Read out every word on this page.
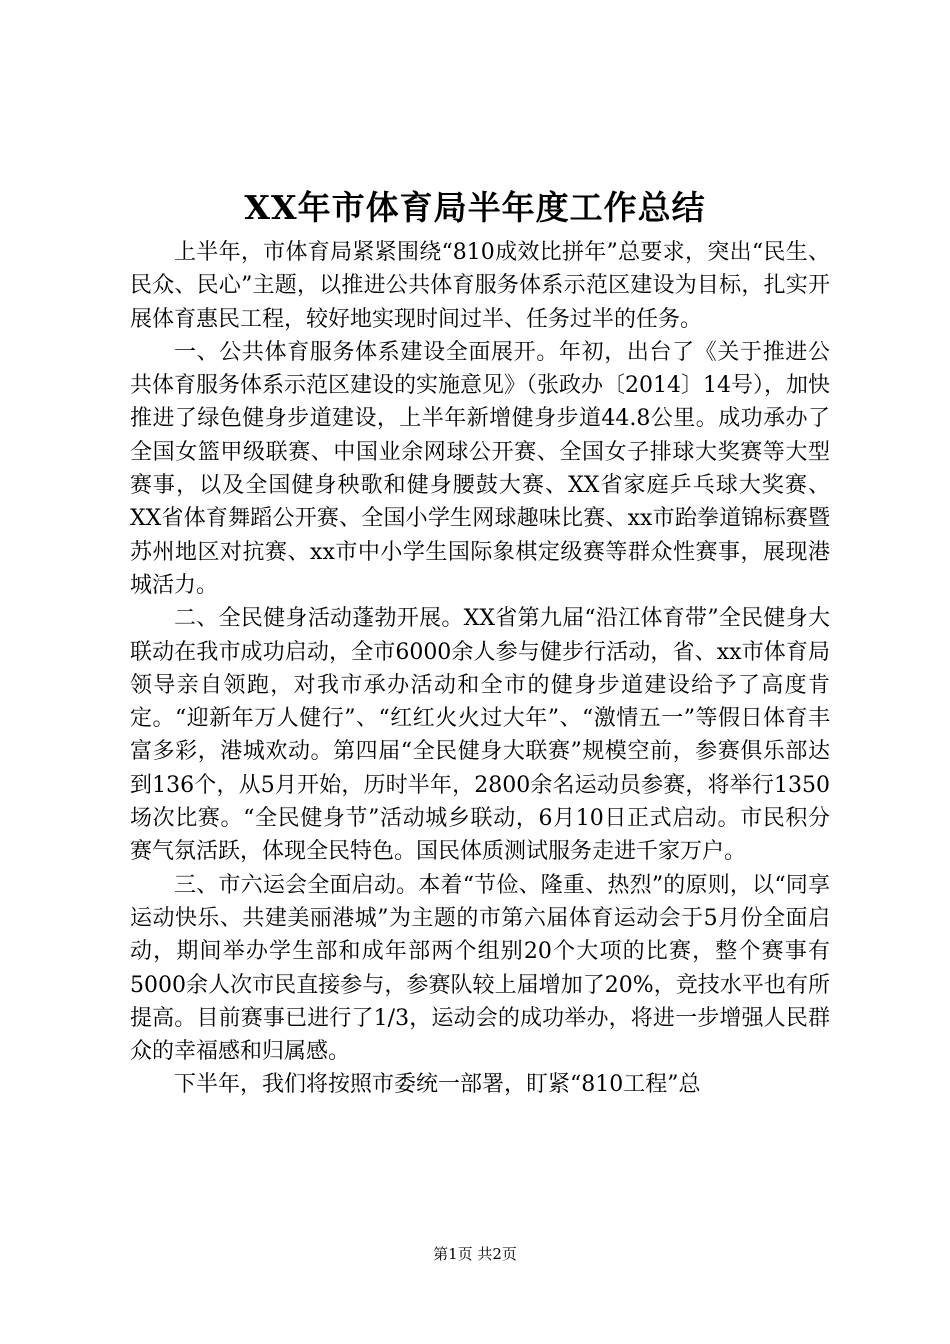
XX年市体育局半年度工作总结

上半年，市体育局紧紧围绕“810成效比拼年”总要求，突出“民生、民众、民心”主题，以推进公共体育服务体系示范区建设为目标，扎实开展体育惠民工程，较好地实现时间过半、任务过半的任务。

一、公共体育服务体系建设全面展开。年初，出台了《关于推进公共体育服务体系示范区建设的实施意见》（张政办〔2014〕14号），加快推进了绿色健身步道建设，上半年新增健身步道44.8公里。成功承办了全国女篮甲级联赛、中国业余网球公开赛、全国女子排球大奖赛等大型赛事，以及全国健身秧歌和健身腰鼓大赛、XX省家庭乒乓球大奖赛、XX省体育舞蹈公开赛、全国小学生网球趣味比赛、xx市跆拳道锦标赛暨苏州地区对抗赛、xx市中小学生国际象棋定级赛等群众性赛事，展现港城活力。

二、全民健身活动蓬勃开展。XX省第九届“沿江体育带”全民健身大联动在我市成功启动，全市6000余人参与健步行活动，省、xx市体育局领导亲自领跑，对我市承办活动和全市的健身步道建设给予了高度肯定。“迎新年万人健行”、“红红火火过大年”、“激情五一”等假日体育丰富多彩，港城欢动。第四届“全民健身大联赛”规模空前，参赛俱乐部达到136个，从5月开始，历时半年，2800余名运动员参赛，将举行1350场次比赛。“全民健身节”活动城乡联动，6月10日正式启动。市民积分赛气氛活跃，体现全民特色。国民体质测试服务走进千家万户。

三、市六运会全面启动。本着“节俭、隆重、热烈”的原则，以“同享运动快乐、共建美丽港城”为主题的市第六届体育运动会于5月份全面启动，期间举办学生部和成年部两个组别20个大项的比赛，整个赛事有5000余人次市民直接参与，参赛队较上届增加了20%，竞技水平也有所提高。目前赛事已进行了1/3，运动会的成功举办，将进一步增强人民群众的幸福感和归属感。

下半年，我们将按照市委统一部署，盯紧“810工程”总

第1页 共2页
